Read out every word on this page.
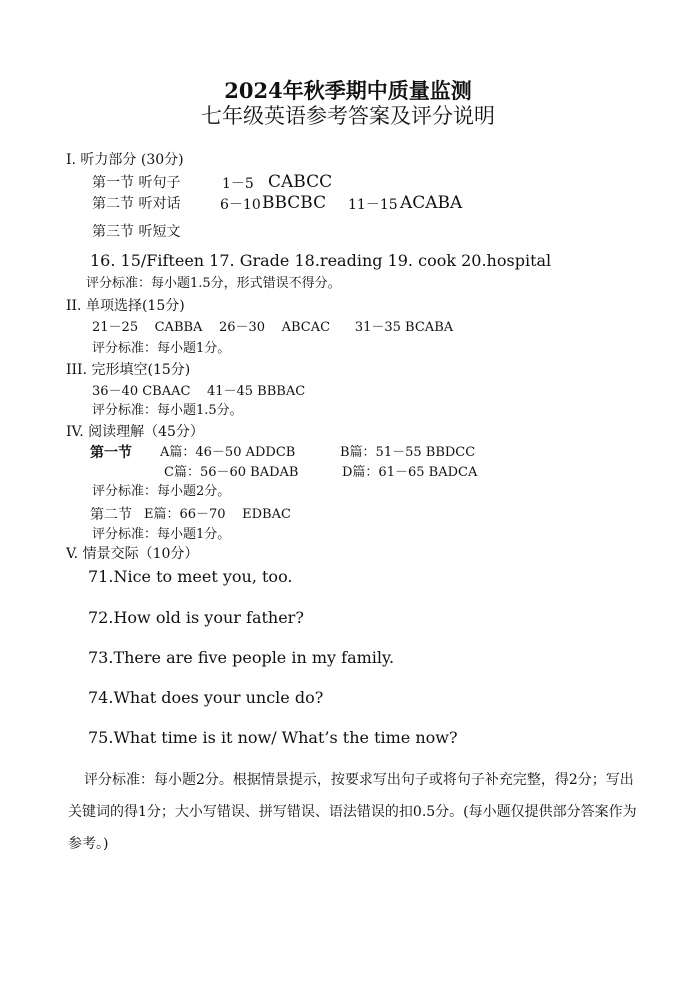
2024年秋季期中质量监测
七年级英语参考答案及评分说明
I. 听力部分 (30分)
第一节 听句子	1－5 CABCC
第二节 听对话	6－10 BBCBC 11－15 ACABA
第三节 听短文
16. 15/Fifteen 17. Grade 18.reading 19. cook 20.hospital
评分标准：每小题1.5分，形式错误不得分。
II. 单项选择(15分)
21－25    CABBA    26－30    ABCAC      31－35 BCABA
评分标准：每小题1分。
III. 完形填空(15分)
36－40 CBAAC    41－45 BBBAC
评分标准：每小题1.5分。
IV. 阅读理解（45分）
第一节 A篇：46－50 ADDCB	B篇：51－55 BBDCC
C篇：56－60 BADAB	D篇：61－65 BADCA
评分标准：每小题2分。
第二节 E篇：66－70    EDBAC
评分标准：每小题1分。
V. 情景交际（10分）
71.Nice to meet you, too.
72.How old is your father?
73.There are five people in my family.
74.What does your uncle do?
75.What time is it now/ What’s the time now?
评分标准：每小题2分。根据情景提示，按要求写出句子或将句子补充完整，得2分；写出关键词的得1分；大小写错误、拼写错误、语法错误的扣0.5分。(每小题仅提供部分答案作为参考。)
